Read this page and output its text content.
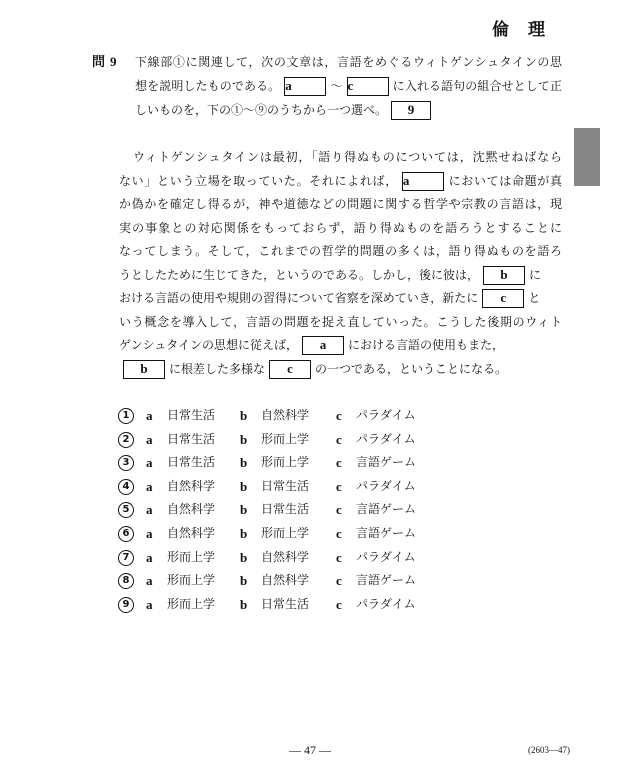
倫　理
問 9 下線部①に関連して，次の文章は，言語をめぐるウィトゲンシュタインの思
想を説明したものである。 a	～ c	に入れる語句の組合せとして正
しいものを，下の①～⑨のうちから一つ選べ。 9
ウィトゲンシュタインは最初，「語り得ぬものについては，沈黙せねばなら
ない」という立場を取っていた。それによれば， a	においては命題が真
か偽かを確定し得るが，神や道徳などの問題に関する哲学や宗教の言語は，現
実の事象との対応関係をもっておらず，語り得ぬものを語ろうとすることに
なってしまう。そして，これまでの哲学的問題の多くは，語り得ぬものを語ろ
うとしたために生じてきた，というのである。しかし，後に彼は， b に
おける言語の使用や規則の習得について省察を深めていき，新たに c と
いう概念を導入して，言語の問題を捉え直していった。こうした後期のウィト
ゲンシュタインの思想に従えば， a における言語の使用もまた，
b に根差した多様な c の一つである，ということになる。
1	a 日常生活 b 自然科学 c パラダイム
2	a 日常生活 b 形而上学 c パラダイム
3	a 日常生活 b 形而上学 c 言語ゲーム
4	a 自然科学 b 日常生活 c パラダイム
5	a 自然科学 b 日常生活 c 言語ゲーム
6	a 自然科学 b 形而上学 c 言語ゲーム
7	a 形而上学 b 自然科学 c パラダイム
8	a 形而上学 b 自然科学 c 言語ゲーム
9	a 形而上学 b 日常生活 c パラダイム
— 47 —	(2603—47)
